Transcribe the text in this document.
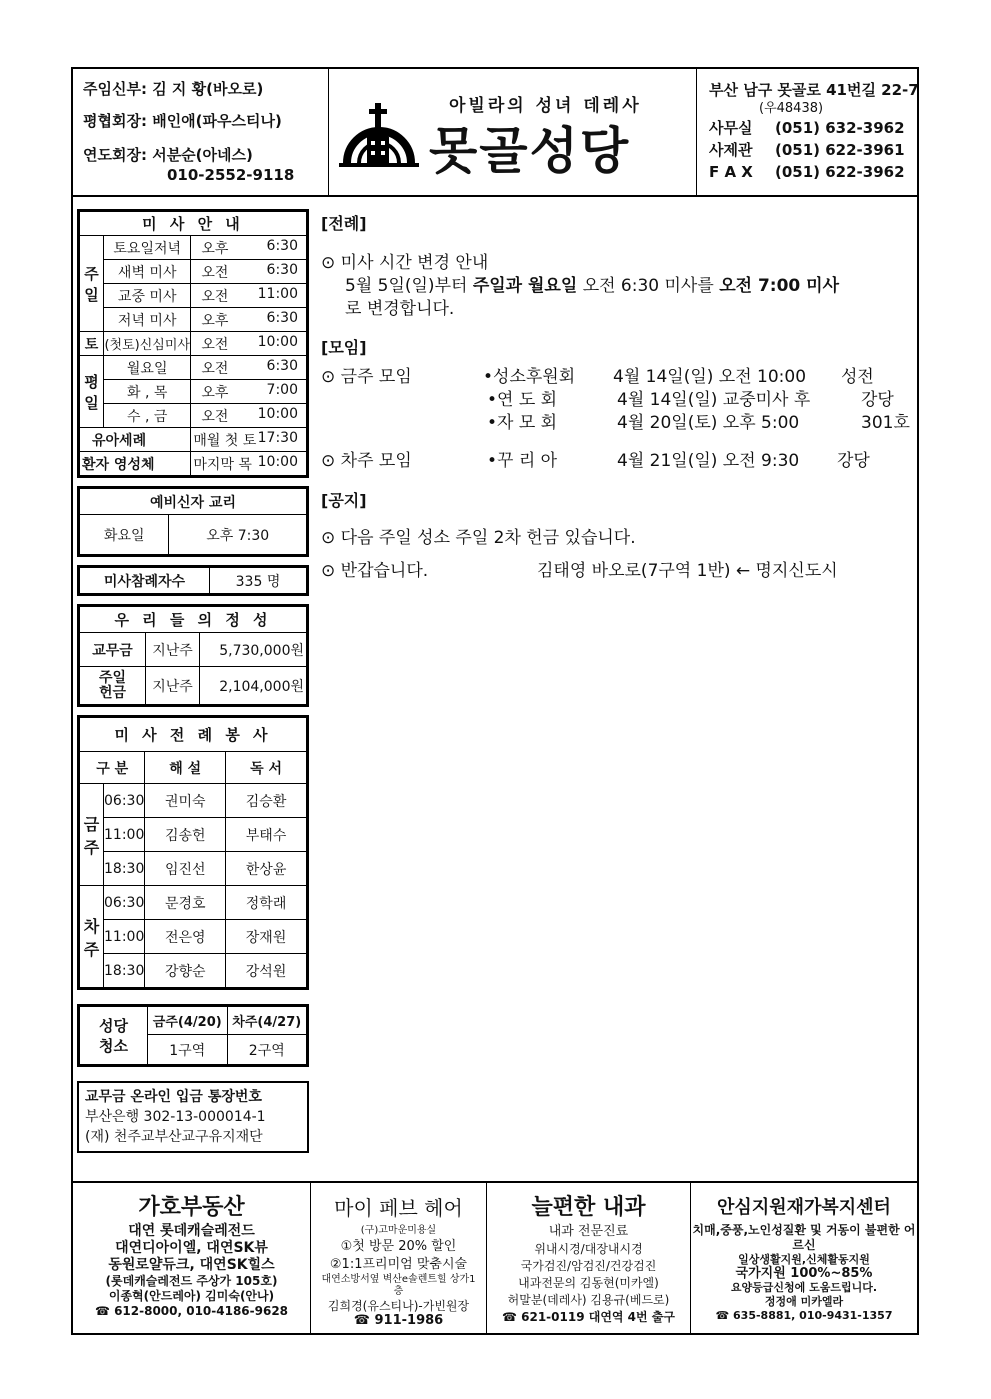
주임신부: 김 지 황(바오로)
평협회장: 배인애(파우스티나)
연도회장: 서분순(아네스)
010-2552-9118
아빌라의 성녀 데레사
못골성당
부산 남구 못골로 41번길 22-7
(우48438)
사무실 (051) 632-3962
사제관 (051) 622-3961
F A X (051) 622-3962
미 사 안 내		
주일	토요일저녁	오후 6:30

	새벽 미사	오전 6:30

	교중 미사	오전 11:00

	저녁 미사	오후 6:30

토	(첫토)신심미사	오전 10:00

평일	월요일	오전 6:30

	화 , 목	오후 7:00

	수 , 금	오전 10:00

유아세례		매월 첫 토 17:30

환자 영성체		마지막 목 10:00
예비신자 교리
화요일	오후 7:30
미사참례자수	335 명
우 리 들 의 정 성		
교무금	지난주	5,730,000원
주일헌금	지난주	2,104,000원
미 사 전 례 봉 사			
구 분		해 설	독 서
금주	06:30	권미숙	김승환
	11:00	김송헌	부태수
	18:30	임진선	한상윤
차주	06:30	문경호	정학래
	11:00	전은영	장재원
	18:30	강향순	강석원
성당 청소	금주(4/20)	차주(4/27)
	1구역	2구역
교무금 온라인 입금 통장번호
부산은행 302-13-000014-1
(재) 천주교부산교구유지재단
[전례]
⊙ 미사 시간 변경 안내
5월 5일(일)부터 주일과 월요일 오전 6:30 미사를 오전 7:00 미사
로 변경합니다.
[모임]
⊙ 금주 모임	•성소후원회 4월 14일(일) 오전 10:00 성전
•연 도 회	4월 14일(일) 교중미사 후	강당
•자 모 회	4월 20일(토) 오후 5:00	301호
⊙ 차주 모임	•꾸 리 아	4월 21일(일) 오전 9:30 강당
[공지]
⊙ 다음 주일 성소 주일 2차 헌금 있습니다.
⊙ 반갑습니다.	김태영 바오로(7구역 1반) ← 명지신도시
가호부동산
대연 롯데캐슬레전드
대연디아이엘, 대연SK뷰
동원로얄듀크, 대연SK힐스
(롯데캐슬레전드 주상가 105호)
이종혁(안드레아) 김미숙(안나)
☎ 612-8000, 010-4186-9628
마이 페브 헤어
(구)고마운미용실
①첫 방문 20% 할인
②1:1프리미엄 맞춤시술
대연소방서옆 벽산e솔렌트힐 상가1층
김희경(유스티나)-가빈원장
☎ 911-1986
늘편한 내과
내과 전문진료
위내시경/대장내시경
국가검진/암검진/건강검진
내과전문의 김동현(미카엘)
허말분(데레사) 김용규(베드로)
☎ 621-0119 대연역 4번 출구
안심지원재가복지센터
치매,중풍,노인성질환 및 거동이 불편한 어르신
일상생활지원,신체활동지원
국가지원 100%~85%
요양등급신청에 도움드립니다.
정정애 미카엘라
☎ 635-8881, 010-9431-1357
